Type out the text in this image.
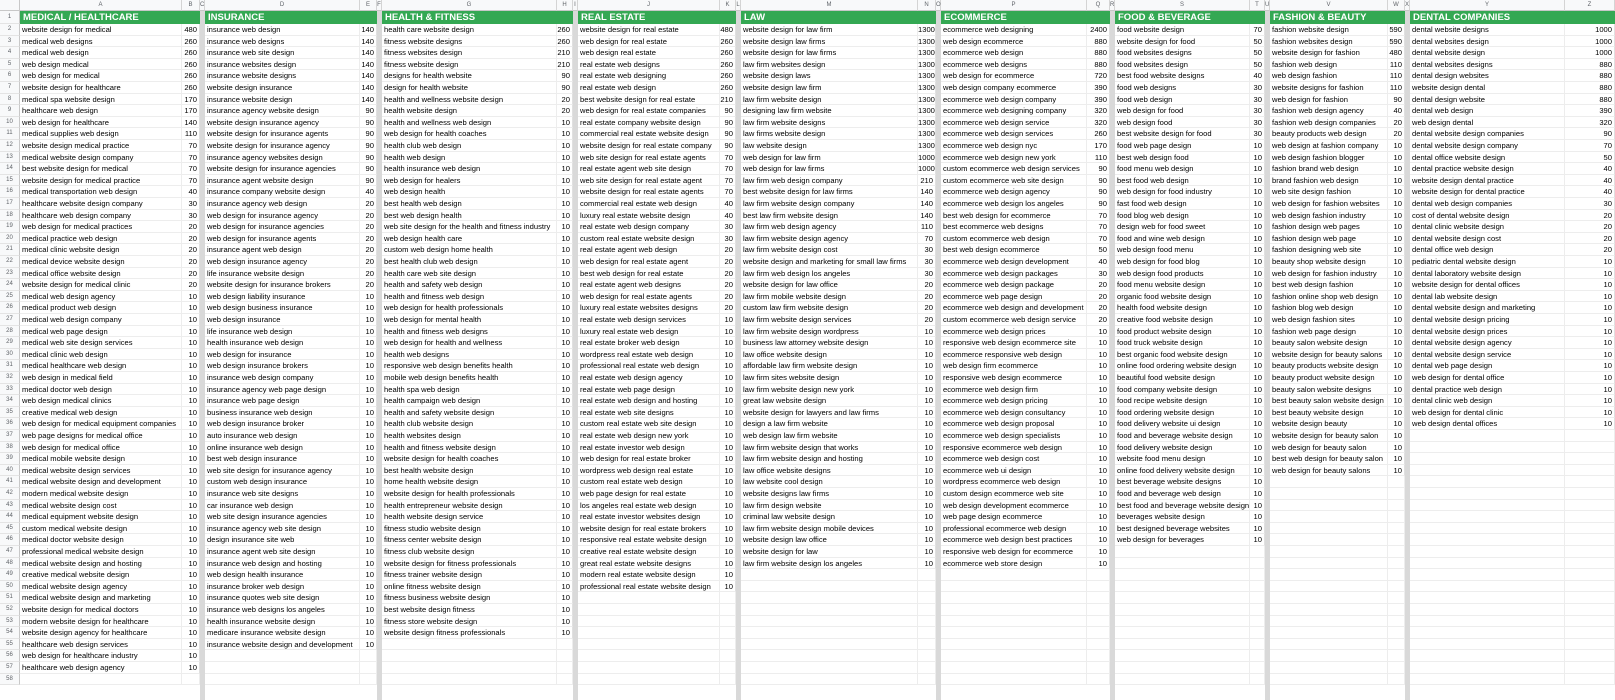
A	B	C	D	E	F	G	H	I	J	K	L	M	N	O	P	Q	R	S	T	U	V	W	X	Y	Z
1
2
3
4
5
6
7
8
9
10
11
12
13
14
15
16
17
18
19
20
21
22
23
24
25
26
27
28
29
30
31
32
33
34
35
36
37
38
39
40
41
42
43
44
45
46
47
48
49
50
51
52
53
54
55
56
57
58
MEDICAL / HEALTHCARE
website design for medical	480
medical web designs	260
medical web design	260
web design medical	260
web design for medical	260
website design for healthcare	260
medical spa website design	170
healthcare web design	170
web design for healthcare	140
medical supplies web design	110
website design medical practice	70
medical website design company	70
best website design for medical	70
website design for medical practice	70
medical transportation web design	40
healthcare website design company	30
healthcare web design company	30
web design for medical practices	20
medical practice web design	20
medical clinic website design	20
medical device website design	20
medical office website design	20
website design for medical clinic	20
medical web design agency	10
medical product web design	10
medical web design company	10
medical web page design	10
medical web site design services	10
medical clinic web design	10
medical healthcare web design	10
web design in medical field	10
medical doctor web design	10
web design medical clinics	10
creative medical web design	10
web design for medical equipment companies	10
web page designs for medical office	10
web design for medical office	10
medical mobile website design	10
medical website design services	10
medical website design and development	10
modern medical website design	10
medical website design cost	10
medical equipment website design	10
custom medical website design	10
medical doctor website design	10
professional medical website design	10
medical website design and hosting	10
creative medical website design	10
medical website design agency	10
medical website design and marketing	10
website design for medical doctors	10
modern website design for healthcare	10
website design agency for healthcare	10
healthcare web design services	10
web design for healthcare industry	10
healthcare web design agency	10
INSURANCE
insurance web design	140
insurance web designs	140
insurance web site design	140
insurance websites design	140
insurance website designs	140
website design insurance	140
insurance website design	140
insurance agency website design	90
website design insurance agency	90
website design for insurance agents	90
website design for insurance agency	90
insurance agency websites design	90
website design for insurance agencies	90
insurance agent website design	90
insurance company website design	40
insurance agency web design	20
web design for insurance agency	20
web design for insurance agencies	20
web design for insurance agents	20
insurance agent web design	20
web design insurance agency	20
life insurance website design	20
website design for insurance brokers	20
web design liability insurance	10
web design business insurance	10
web design insurance	10
life insurance web design	10
health insurance web design	10
web design for insurance	10
web design insurance brokers	10
insurance web design company	10
insurance agency web page design	10
insurance web page design	10
business insurance web design	10
web design insurance broker	10
auto insurance web design	10
online insurance web design	10
best web design insurance	10
web site design for insurance agency	10
custom web design insurance	10
insurance web site designs	10
car insurance web design	10
web site design insurance agencies	10
insurance agency web site design	10
design insurance site web	10
insurance agent web site design	10
insurance web design and hosting	10
web design health insurance	10
insurance broker web design	10
insurance quotes web site design	10
insurance web designs los angeles	10
health insurance website design	10
medicare insurance website design	10
insurance website design and development	10
HEALTH & FITNESS
health care website design	260
fitness website designs	260
fitness websites design	210
fitness website design	210
designs for health website	90
design for health website	90
health and wellness website design	20
health website design	20
health and wellness web design	10
web design for health coaches	10
health club web design	10
health web design	10
health insurance web design	10
web design for healers	10
web design health	10
best health web design	10
best web design health	10
web site design for the health and fitness industry	10
web design health care	10
custom web design home health	10
best health club web design	10
health care web site design	10
health and safety web design	10
health and fitness web design	10
web design for health professionals	10
web design for mental health	10
health and fitness web designs	10
web design for health and wellness	10
health web designs	10
responsive web design benefits health	10
mobile web design benefits health	10
health spa web design	10
health campaign web design	10
health and safety website design	10
health club website design	10
health websites design	10
health and fitness website design	10
website design for health coaches	10
best health website design	10
home health website design	10
website design for health professionals	10
health entrepreneur website design	10
health website design service	10
fitness studio website design	10
fitness center website design	10
fitness club website design	10
website design for fitness professionals	10
fitness trainer website design	10
online fitness website design	10
fitness business website design	10
best website design fitness	10
fitness store website design	10
website design fitness professionals	10
REAL ESTATE
website design for real estate	480
web design for real estate	260
web design real estate	260
real estate web designs	260
real estate web designing	260
real estate web design	260
best website design for real estate	210
web design for real estate companies	90
real estate company website design	90
commercial real estate website design	90
website design for real estate company	90
web site design for real estate agents	70
real estate agent web site design	70
web site design for real estate agent	70
website design for real estate agents	70
commercial real estate web design	40
luxury real estate website design	40
real estate web design company	30
custom real estate website design	30
real estate agent web design	20
web design for real estate agent	20
best web design for real estate	20
real estate agent web designs	20
web design for real estate agents	20
luxury real estate websites designs	20
real estate web design services	10
luxury real estate web design	10
real estate broker web design	10
wordpress real estate web design	10
professional real estate web design	10
real estate web design agency	10
real estate web page design	10
real estate web design and hosting	10
real estate web site designs	10
custom real estate web site design	10
real estate web design new york	10
real estate investor web design	10
web design for real estate broker	10
wordpress web design real estate	10
custom real estate web design	10
web page design for real estate	10
los angeles real estate web design	10
real estate investor websites design	10
website design for real estate brokers	10
responsive real estate website design	10
creative real estate website design	10
great real estate website designs	10
modern real estate website design	10
professional real estate website design	10
LAW
website design for law firm	1300
website design law firms	1300
website design for law firms	1300
law firm websites design	1300
website design laws	1300
website design law firm	1300
law firm website design	1300
designing law firm website	1300
law firm website designs	1300
law firms website design	1300
law website design	1300
web design for law firm	1000
web design for law firms	1000
law firm web design company	210
best website design for law firms	140
law firm website design company	140
best law firm website design	140
law firm web design agency	110
law firm website design agency	70
law firm website design cost	30
website design and marketing for small law firms	30
law firm web design los angeles	30
website design for law office	20
law firm mobile website design	20
custom law firm website design	20
law firm website design services	20
law firm website design wordpress	10
business law attorney website design	10
law office website design	10
affordable law firm website design	10
law firm sites website design	10
law firm website design new york	10
great law website design	10
website design for lawyers and law firms	10
design a law firm website	10
web design law firm website	10
law firm website design that works	10
law firm website design and hosting	10
law office website designs	10
law website cool design	10
website designs law firms	10
law firm design website	10
criminal law website design	10
law firm website design mobile devices	10
website design law office	10
website design for law	10
law firm website design los angeles	10
ECOMMERCE
ecommerce web designing	2400
web design ecommerce	880
ecommerce web design	880
ecommerce web designs	880
web design for ecommerce	720
web design company ecommerce	390
ecommerce web design company	390
ecommerce web designing company	320
ecommerce web design service	320
ecommerce web design services	260
ecommerce web design nyc	170
ecommerce web design new york	110
custom ecommerce web design services	90
custom ecommerce web site design	90
ecommerce web design agency	90
ecommerce web design los angeles	90
best web design for ecommerce	70
best ecommerce web designs	70
custom ecommerce web design	70
best web design ecommerce	50
ecommerce web design development	40
ecommerce web design packages	30
ecommerce web design package	20
ecommerce web page design	20
ecommerce web design and development	20
custom ecommerce web design service	20
ecommerce web design prices	10
responsive web design ecommerce site	10
ecommerce responsive web design	10
web design firm ecommerce	10
responsive web design ecommerce	10
ecommerce web design firm	10
ecommerce web design pricing	10
ecommerce web design consultancy	10
ecommerce web design proposal	10
ecommerce web design specialists	10
responsive ecommerce web design	10
ecommerce web design cost	10
ecommerce web ui design	10
wordpress ecommerce web design	10
custom design ecommerce web site	10
web design development ecommerce	10
web page design ecommerce	10
professional ecommerce web design	10
ecommerce web design best practices	10
responsive web design for ecommerce	10
ecommerce web store design	10
FOOD & BEVERAGE
food website design	70
website design for food	50
food websites designs	50
food websites design	50
best food website designs	40
food web designs	30
food web design	30
web design for food	30
web design food	30
best website design for food	30
food web page design	10
best web design food	10
food menu web design	10
best food web design	10
web design for food industry	10
fast food web design	10
food blog web design	10
design web for food sweet	10
food and wine web design	10
web design food menu	10
web design for food blog	10
web design food products	10
food menu website design	10
organic food website design	10
health food website design	10
creative food website design	10
food product website design	10
food truck website design	10
best organic food website design	10
online food ordering website design	10
beautiful food website design	10
food company website design	10
food recipe website design	10
food ordering website design	10
food delivery website ui design	10
food and beverage website design	10
food delivery website design	10
website food menu design	10
online food delivery website design	10
best beverage website designs	10
food and beverage web design	10
best food and beverage website design 10
beverages website design	10
best designed beverage websites	10
web design for beverages	10
FASHION & BEAUTY
fashion website design	590
fashion websites design	590
website design for fashion	480
fashion web design	110
web design fashion	110
website designs for fashion	110
web design for fashion	90
fashion web design agency	40
fashion web design companies	20
beauty products web design	20
web design at fashion company	10
web design fashion blogger	10
fashion brand web design	10
brand fashion web design	10
web site design fashion	10
web design for fashion websites	10
web design fashion industry	10
fashion design web pages	10
fashion design web page	10
fashion designing web site	10
beauty shop website design	10
web design for fashion industry	10
best web design fashion	10
fashion online shop web design	10
fashion blog web design	10
web design fashion sites	10
fashion web page design	10
beauty salon website design	10
website design for beauty salons	10
beauty products website design	10
beauty product website design	10
beauty salon website designs	10
best beauty salon website design	10
best beauty website design	10
website design beauty	10
website design for beauty salon	10
web design for beauty salon	10
best web design for beauty salon	10
web design for beauty salons	10
DENTAL COMPANIES
dental website designs	1000
dental websites design	1000
dental website design	1000
dental websites designs	880
dental design websites	880
website design dental	880
dental design website	880
dental web design	390
web design dental	320
dental website design companies	90
dental website design company	70
dental office website design	50
dental practice website design	40
website design dental practice	40
website design for dental practice	40
dental web design companies	30
cost of dental website design	20
dental clinic website design	20
dental website design cost	20
dental office web design	20
pediatric dental website design	10
dental laboratory website design	10
website design for dental offices	10
dental lab website design	10
dental website design and marketing	10
dental website design pricing	10
dental website design prices	10
dental website design agency	10
dental website design service	10
dental web page design	10
web design for dental office	10
dental practice web design	10
dental clinic web design	10
web design for dental clinic	10
web design dental offices	10
